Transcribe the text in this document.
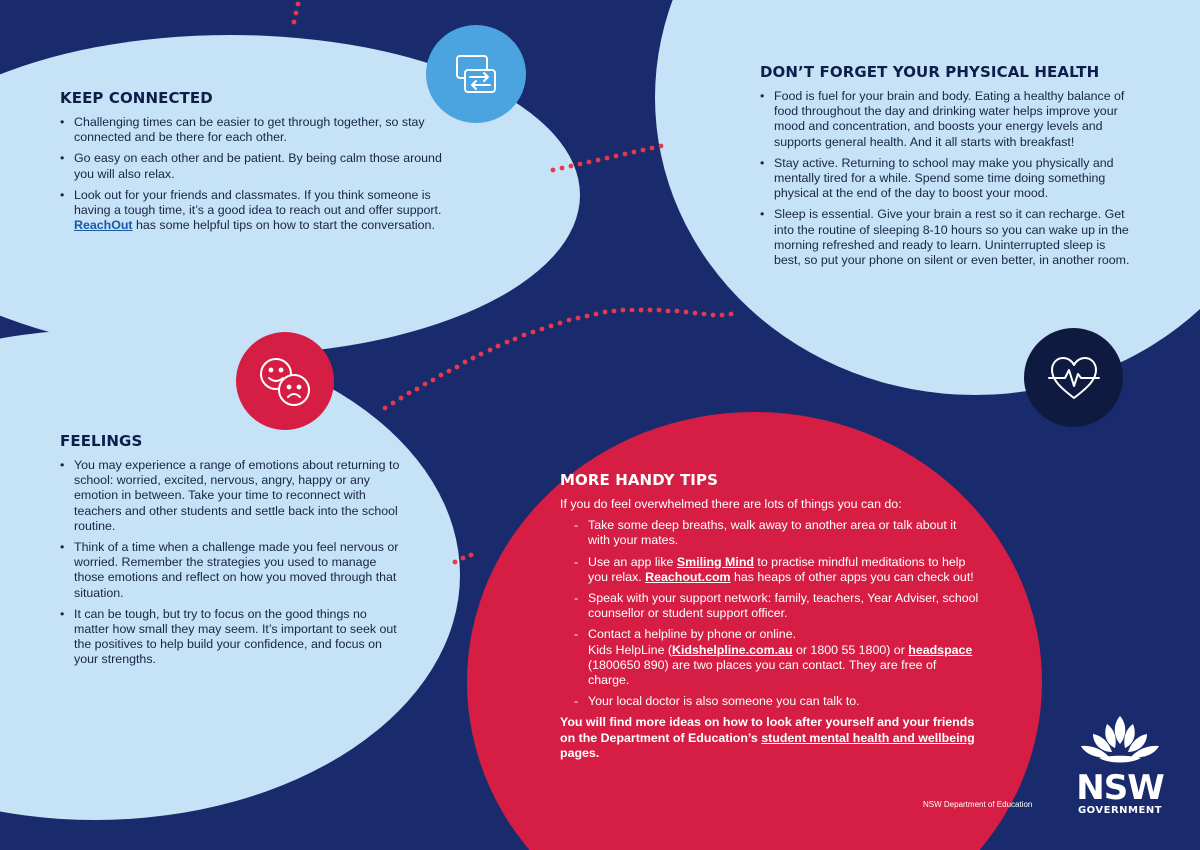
KEEP CONNECTED
• Challenging times can be easier to get through together, so stay connected and be there for each other.
• Go easy on each other and be patient. By being calm those around you will also relax.
• Look out for your friends and classmates. If you think someone is having a tough time, it’s a good idea to reach out and offer support. ReachOut has some helpful tips on how to start the conversation.
DON’T FORGET YOUR PHYSICAL HEALTH
• Food is fuel for your brain and body. Eating a healthy balance of food throughout the day and drinking water helps improve your mood and concentration, and boosts your energy levels and supports general health. And it all starts with breakfast!
• Stay active. Returning to school may make you physically and mentally tired for a while. Spend some time doing something physical at the end of the day to boost your mood.
• Sleep is essential. Give your brain a rest so it can recharge. Get into the routine of sleeping 8-10 hours so you can wake up in the morning refreshed and ready to learn. Uninterrupted sleep is best, so put your phone on silent or even better, in another room.
FEELINGS
• You may experience a range of emotions about returning to school: worried, excited, nervous, angry, happy or any emotion in between. Take your time to reconnect with teachers and other students and settle back into the school routine.
• Think of a time when a challenge made you feel nervous or worried. Remember the strategies you used to manage those emotions and reflect on how you moved through that situation.
• It can be tough, but try to focus on the good things no matter how small they may seem. It’s important to seek out the positives to help build your confidence, and focus on your strengths.
MORE HANDY TIPS

If you do feel overwhelmed there are lots of things you can do:

- Take some deep breaths, walk away to another area or talk about it with your mates.
- Use an app like Smiling Mind to practise mindful meditations to help you relax. Reachout.com has heaps of other apps you can check out!
- Speak with your support network: family, teachers, Year Adviser, school counsellor or student support officer.
- Contact a helpline by phone or online.
Kids HelpLine (Kidshelpline.com.au or 1800 55 1800) or headspace (1800650 890) are two places you can contact. They are free of charge.
- Your local doctor is also someone you can talk to.

You will find more ideas on how to look after yourself and your friends on the Department of Education’s student mental health and wellbeing pages.

NSW Department of Education NSW
GOVERNMENT
